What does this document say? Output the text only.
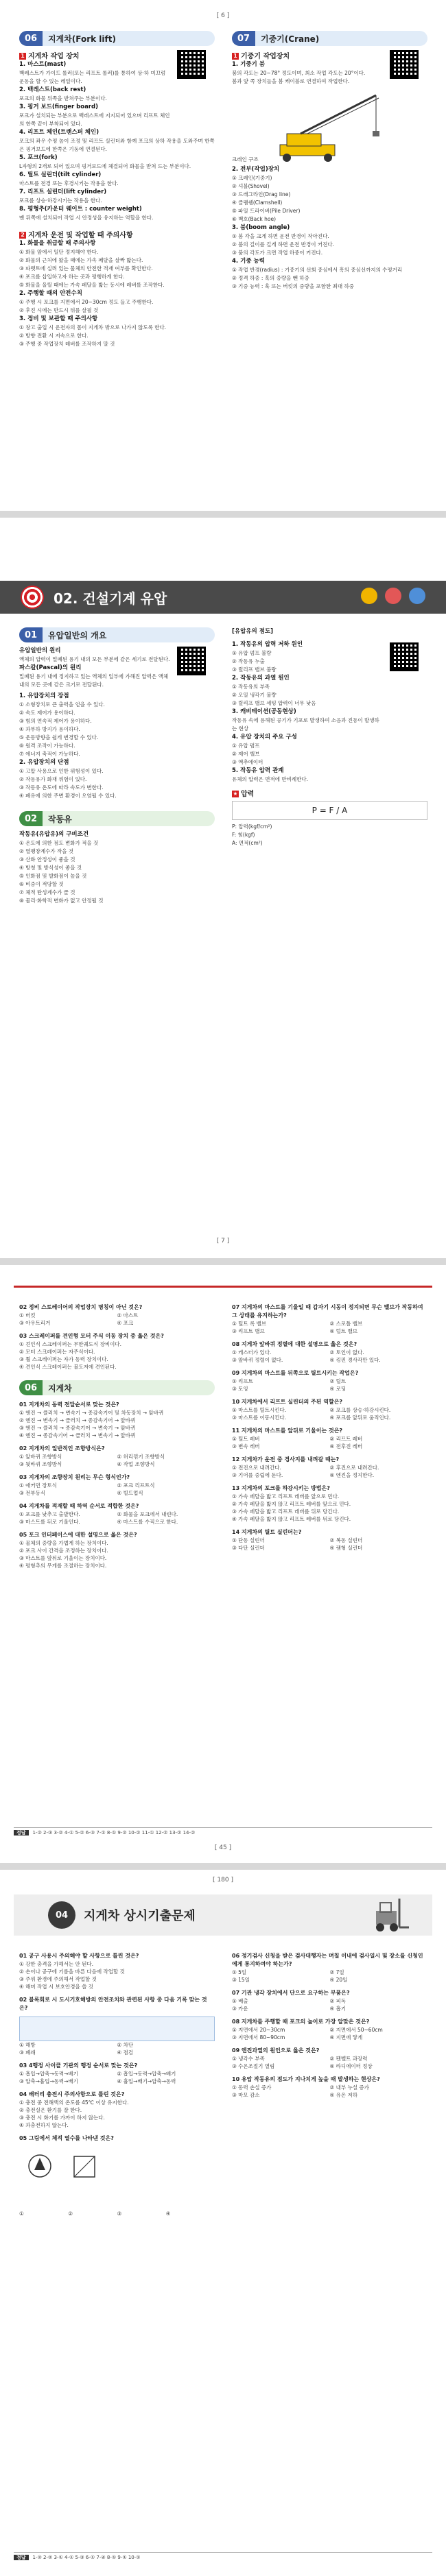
[ 6 ]
06	지게차(Fork lift)
1 지게차 작업 장치
1. 마스트(mast)
백레스트가 가이드 롤러(또는 리프트 롤러)를 통하여 상·하 미끄럼 운동을 할 수 있는 레일이다.
2. 백레스트(back rest)
포크의 화물 뒤쪽을 받쳐주는 부분이다.
3. 핑거 보드(finger board)
포크가 설치되는 부분으로 백레스트에 지지되어 있으며 리프트 체인의 한쪽 끝이 부착되어 있다.
4. 리프트 체인(트랜스퍼 체인)
포크의 좌우 수평 높이 조정 및 리프트 실린더와 함께 포크의 상하 작용을 도와주며 한쪽은 핑거보드에 한쪽은 기둥에 연결된다.
5. 포크(fork)
L자형의 2개로 되어 있으며 핑거보드에 체결되어 화물을 받쳐 드는 부분이다.
6. 틸트 실린더(tilt cylinder)
마스트를 전경 또는 후경시키는 작용을 한다.
7. 리프트 실린더(lift cylinder)
포크를 상승·하강시키는 작용을 한다.
8. 평형추(카운터 웨이트 : counter weight)
맨 뒤쪽에 설치되어 작업 시 안정성을 유지하는 역할을 한다.
2 지게차 운전 및 작업할 때 주의사항
1. 화물을 취급할 때 주의사항
① 화물 앞에서 일단 정지해야 한다.
② 화물의 근처에 왔을 때에는 가속 페달을 살짝 밟는다.
③ 파렛트에 실려 있는 물체의 안전한 적재 여부를 확인한다.
④ 포크를 삽입하고자 하는 곳과 평행하게 한다.
⑤ 화물을 올릴 때에는 가속 페달을 밟는 동시에 레버를 조작한다.
2. 주행할 때의 안전수칙
① 주행 시 포크를 지면에서 20~30cm 정도 들고 주행한다.
② 후진 시에는 반드시 뒤를 살필 것
3. 정비 및 보관할 때 주의사항
① 창고 출입 시 운전자의 몸이 지게차 밖으로 나가지 않도록 한다.
② 방향 전환 시 저속으로 한다.
③ 주행 중 작업장치 레버를 조작하지 말 것
07	기중기(Crane)
1 기중기 작업장치
1. 기중기 붐
붐의 각도는 20~78° 정도이며, 최소 작업 각도는 20°이다.
붐과 앞 쪽 장치들을 붐 케이블로 연결하여 작업한다.
크레인 구조
2. 전부(작업)장치
① 크레인(기중기)
② 셔블(Shovel)
③ 드래그라인(Drag line)
④ 클램쉘(Clamshell)
⑤ 파일 드라이버(Pile Driver)
⑥ 백호(Back hoe)
3. 붐(boom angle)
① 붐 각을 크게 하면 운전 반경이 작아진다.
② 붐의 길이를 길게 하면 운전 반경이 커진다.
③ 붐의 각도가 크면 작업 하중이 커진다.
4. 기중 능력
① 작업 반경(radius) : 기중기의 선회 중심에서 훅의 중심선까지의 수평거리
② 정격 하중 : 훅의 중량을 뺀 하중
③ 기중 능력 : 훅 또는 버킷의 중량을 포함한 최대 하중
02. 건설기계 유압

01	유압일반의 개요
유압일반의 원리
액체의 압력이 밀폐된 용기 내의 모든 부분에 같은 세기로 전달된다.
파스칼(Pascal)의 원리
밀폐된 용기 내에 정지하고 있는 액체의 일부에 가해진 압력은 액체 내의 모든 곳에 같은 크기로 전달된다.
1. 유압장치의 장점
① 소형장치로 큰 출력을 얻을 수 있다.
② 속도 제어가 용이하다.
③ 힘의 연속적 제어가 용이하다.
④ 과부하 방지가 용이하다.
⑤ 운동방향을 쉽게 변경할 수 있다.
⑥ 원격 조작이 가능하다.
⑦ 에너지 축적이 가능하다.
2. 유압장치의 단점
① 고압 사용으로 인한 위험성이 있다.
② 작동유가 화재 위험이 있다.
③ 작동유 온도에 따라 속도가 변한다.
④ 폐유에 의한 주변 환경이 오염될 수 있다.
02	작동유
작동유(유압유)의 구비조건
① 온도에 의한 점도 변화가 적을 것
② 열팽창계수가 작을 것
③ 산화 안정성이 좋을 것
④ 방청 및 방식성이 좋을 것
⑤ 인화점 및 발화점이 높을 것
⑥ 비중이 적당할 것
⑦ 체적 탄성계수가 클 것
⑧ 물리·화학적 변화가 없고 안정될 것
[유압유의 점도]
1. 작동유의 압력 저하 원인
① 유압 펌프 불량
② 작동유 누출
③ 릴리프 밸브 불량
2. 작동유의 과열 원인
① 작동유의 부족
② 오일 냉각기 불량
③ 릴리프 밸브 세팅 압력이 너무 낮음
3. 캐비테이션(공동현상)
작동유 속에 용해된 공기가 기포로 발생하여 소음과 진동이 발생하는 현상
4. 유압 장치의 주요 구성
① 유압 펌프
② 제어 밸브
③ 액추에이터
5. 작동유 압력 관계
유체의 압력은 면적에 반비례한다.
★ 압력
P = F / A
P: 압력(kgf/cm²)
F: 힘(kgf)
A: 면적(cm²)
[ 7 ]
02 정비 스토레이어의 작업장치 명칭이 아닌 것은?
① 버킷	② 마스트
③ 아우트리거	④ 포크
03 스크레이퍼를 견인형 모터 주식 이동 장치 중 옳은 것은?
① 견인식 스크레이퍼는 무한궤도식 장비이다.
② 모터 스크레이퍼는 자주식이다.
③ 휠 스크레이퍼는 자가 동력 장치이다.
④ 견인식 스크레이퍼는 불도저에 견인된다.
06	지게차
01 지게차의 동력 전달순서로 맞는 것은?
① 엔진 → 클러치 → 변속기 → 종감속기어 및 차동장치 → 앞바퀴
② 엔진 → 변속기 → 클러치 → 종감속기어 → 앞바퀴
③ 엔진 → 클러치 → 종감속기어 → 변속기 → 앞바퀴
④ 엔진 → 종감속기어 → 클러치 → 변속기 → 앞바퀴
02 지게차의 일반적인 조향방식은?
① 앞바퀴 조향방식	② 허리꺾기 조향방식
③ 뒷바퀴 조향방식	④ 작업 조향방식
03 지게차의 조향장치 원리는 무슨 형식인가?
① 애커먼 장토식	② 포크 리프트식
③ 전부동식	④ 빌드업식
04 지게차를 적재할 때 하역 순서로 적합한 것은?
① 포크를 낮추고 출발한다.	② 화물을 포크에서 내린다.
③ 마스트를 뒤로 기울인다.	④ 마스트를 수직으로 한다.
05 포크 인터페이스에 대한 설명으로 옳은 것은?
① 물체의 중량을 가볍게 하는 장치이다.
② 포크 사이 간격을 조정하는 장치이다.
③ 마스트를 앞뒤로 기울이는 장치이다.
④ 평형추의 무게를 조절하는 장치이다.
07 지게차의 마스트를 기울일 때 갑자기 시동이 정지되면 무슨 밸브가 작동하여 그 상태를 유지하는가?
① 틸트 록 밸브	② 스로틀 밸브
③ 리프트 밸브	④ 털트 밸브
08 지게차 앞바퀴 정렬에 대한 설명으로 옳은 것은?
① 캐스터가 있다.	② 토인이 없다.
③ 앞바퀴 정렬이 없다.	④ 킹핀 경사각만 있다.
09 지게차의 마스트를 뒤쪽으로 틸트시키는 작업은?
① 리프트	② 틸트
③ 토잉	④ 로딩
10 지게차에서 리프트 실린더의 주된 역할은?
① 마스트를 틸트시킨다.	② 포크를 상승·하강시킨다.
③ 마스트를 이동시킨다.	④ 포크를 앞뒤로 움직인다.
11 지게차의 마스트를 앞뒤로 기울이는 것은?
① 틸트 레버	② 리프트 레버
③ 변속 레버	④ 전후진 레버
12 지게차가 운전 중 경사지를 내려갈 때는?
① 전진으로 내려간다.	② 후진으로 내려간다.
③ 기어를 중립에 둔다.	④ 엔진을 정지한다.
13 지게차의 포크를 하강시키는 방법은?
① 가속 페달을 밟고 리프트 레버를 앞으로 민다.
② 가속 페달을 밟지 않고 리프트 레버를 앞으로 민다.
③ 가속 페달을 밟고 리프트 레버를 뒤로 당긴다.
④ 가속 페달을 밟지 않고 리프트 레버를 뒤로 당긴다.
14 지게차의 틸트 실린더는?
① 단동 실린더	② 복동 실린더
③ 다단 실린더	④ 램형 실린더
정답 1-② 2-③ 3-② 4-① 5-② 6-③ 7-① 8-① 9-② 10-② 11-① 12-② 13-② 14-②
[ 45 ]
[ 180 ]
04 지게차 상시기출문제
01 공구 사용시 주의해야 할 사항으로 틀린 것은?
① 강한 충격을 가해서는 안 된다.
② 손이나 공구에 기름을 바른 다음에 작업할 것
③ 주위 환경에 주의해서 작업할 것
④ 해머 작업 시 보호안경을 쓸 것
02 블록회로 시 도시기호해방의 안전조치와 관련된 사항 중 다음 기록 맞는 것은?
① 해방	② 차단
③ 폐쇄	④ 점검
03 4행정 사이클 기관의 행정 순서로 맞는 것은?
① 흡입→압축→동력→배기	② 흡입→동력→압축→배기
③ 압축→흡입→동력→배기	④ 흡입→배기→압축→동력
04 배터리 충전시 주의사항으로 틀린 것은?
① 충전 중 전해액의 온도를 45℃ 이상 유지한다.
② 충전실은 환기를 잘 한다.
③ 충전 시 화기를 가까이 하지 않는다.
④ 과충전하지 않는다.
05 그림에서 체적 열수를 나타낸 것은?
①	②	③	④
06 정기검사 신청을 받은 검사대행자는 며칠 이내에 검사일시 및 장소를 신청인에게 통지하여야 하는가?
① 5일	② 7일
③ 15일	④ 20일
07 기관 냉각 장치에서 단으로 요구하는 부품은?
① 배출	② 피독
③ 카운	④ 흡기
08 지게차를 주행할 때 포크의 높이로 가장 알맞은 것은?
① 지면에서 20~30cm	② 지면에서 50~60cm
③ 지면에서 80~90cm	④ 지면에 닿게
09 엔진과열의 원인으로 옳은 것은?
① 냉각수 부족	② 팬벨트 과장력
③ 수온조절기 열림	④ 라디에이터 정상
10 유압 작동유의 점도가 지나치게 높을 때 발생하는 현상은?
① 동력 손실 증가	② 내부 누설 증가
③ 마모 감소	④ 유온 저하
정답 1-② 2-② 3-① 4-① 5-③ 6-① 7-④ 8-① 9-① 10-①
